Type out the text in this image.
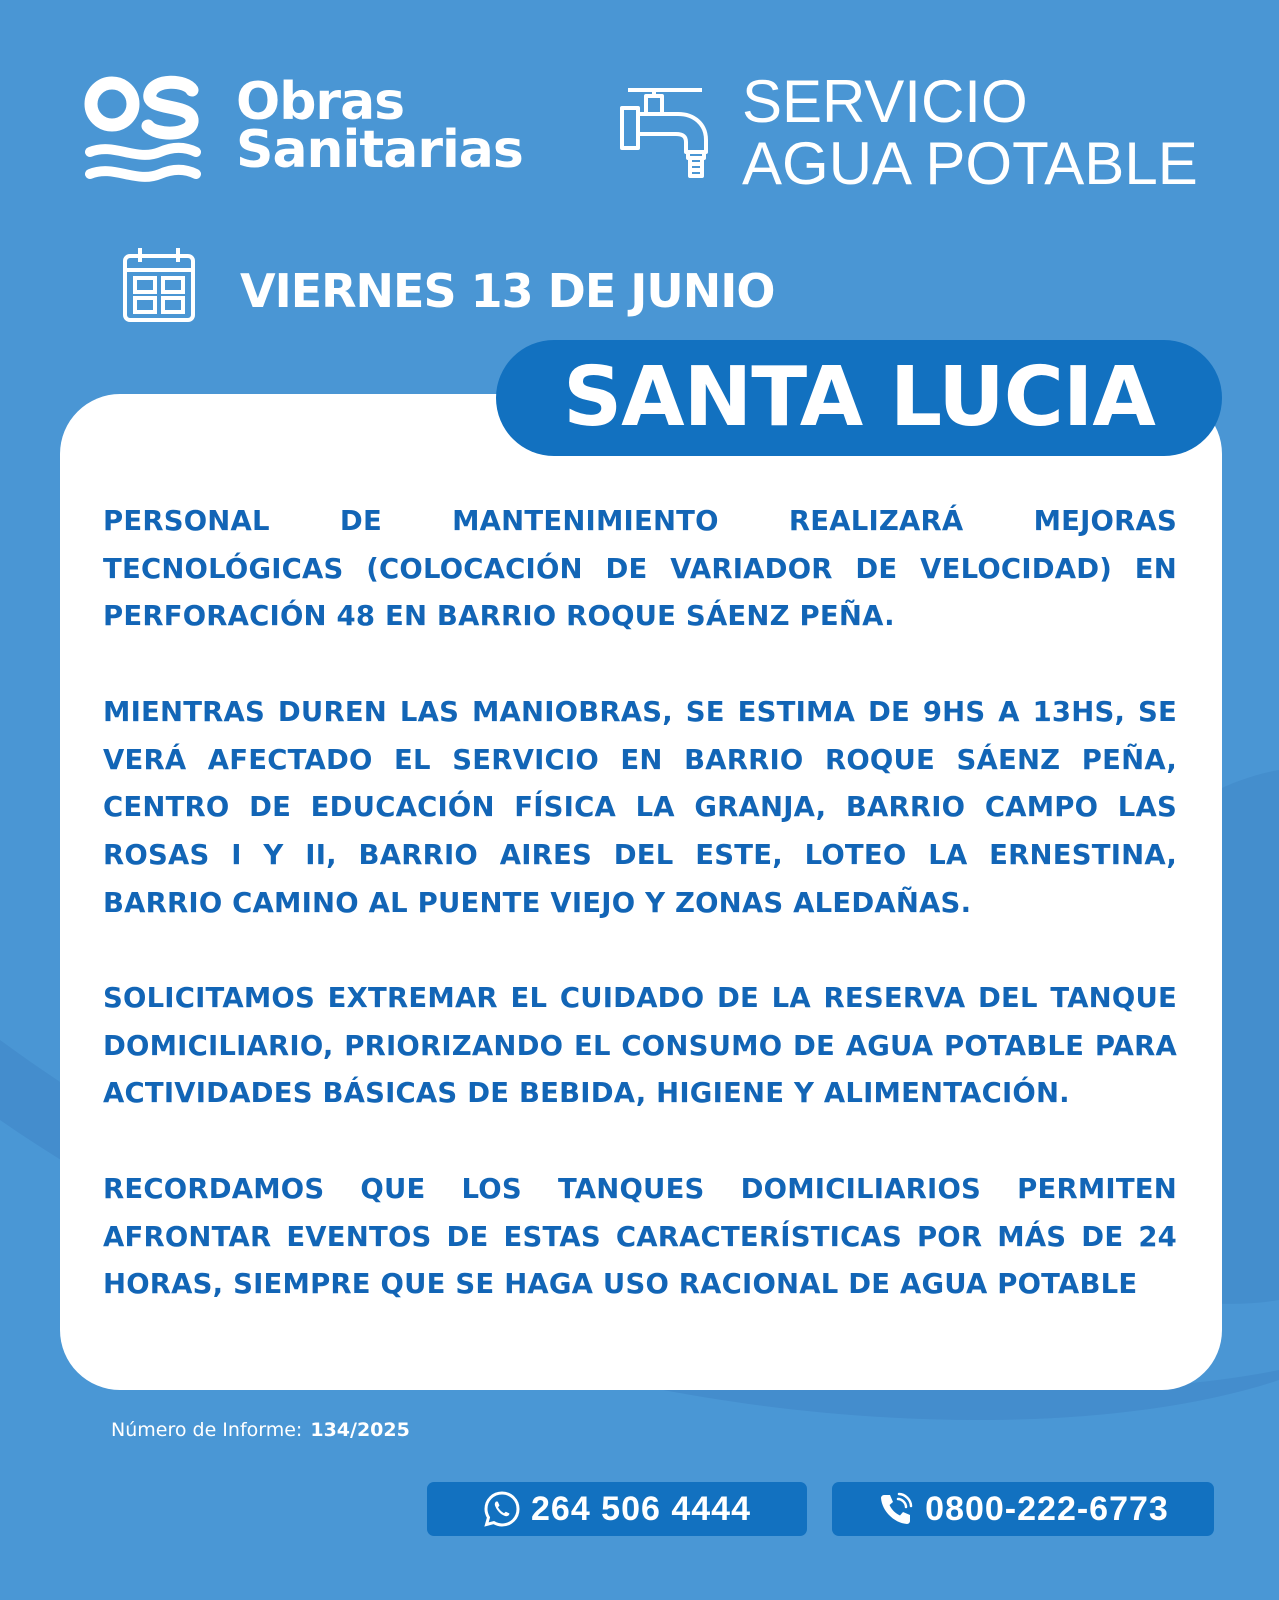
Obras
Sanitarias
SERVICIO
AGUA POTABLE
VIERNES 13 DE JUNIO
SANTA LUCIA

PERSONAL DE MANTENIMIENTO REALIZARÁ MEJORAS TECNOLÓGICAS (COLOCACIÓN DE VARIADOR DE VELOCIDAD) EN PERFORACIÓN 48 EN BARRIO ROQUE SÁENZ PEÑA.

MIENTRAS DUREN LAS MANIOBRAS, SE ESTIMA DE 9HS A 13HS, SE VERÁ AFECTADO EL SERVICIO EN BARRIO ROQUE SÁENZ PEÑA, CENTRO DE EDUCACIÓN FÍSICA LA GRANJA, BARRIO CAMPO LAS ROSAS I Y II, BARRIO AIRES DEL ESTE, LOTEO LA ERNESTINA, BARRIO CAMINO AL PUENTE VIEJO Y ZONAS ALEDAÑAS.

SOLICITAMOS EXTREMAR EL CUIDADO DE LA RESERVA DEL TANQUE DOMICILIARIO, PRIORIZANDO EL CONSUMO DE AGUA POTABLE PARA ACTIVIDADES BÁSICAS DE BEBIDA, HIGIENE Y ALIMENTACIÓN.

RECORDAMOS QUE LOS TANQUES DOMICILIARIOS PERMITEN AFRONTAR EVENTOS DE ESTAS CARACTERÍSTICAS POR MÁS DE 24 HORAS, SIEMPRE QUE SE HAGA USO RACIONAL DE AGUA POTABLE

Número de Informe: 134/2025
264 506 4444	0800-222-6773
